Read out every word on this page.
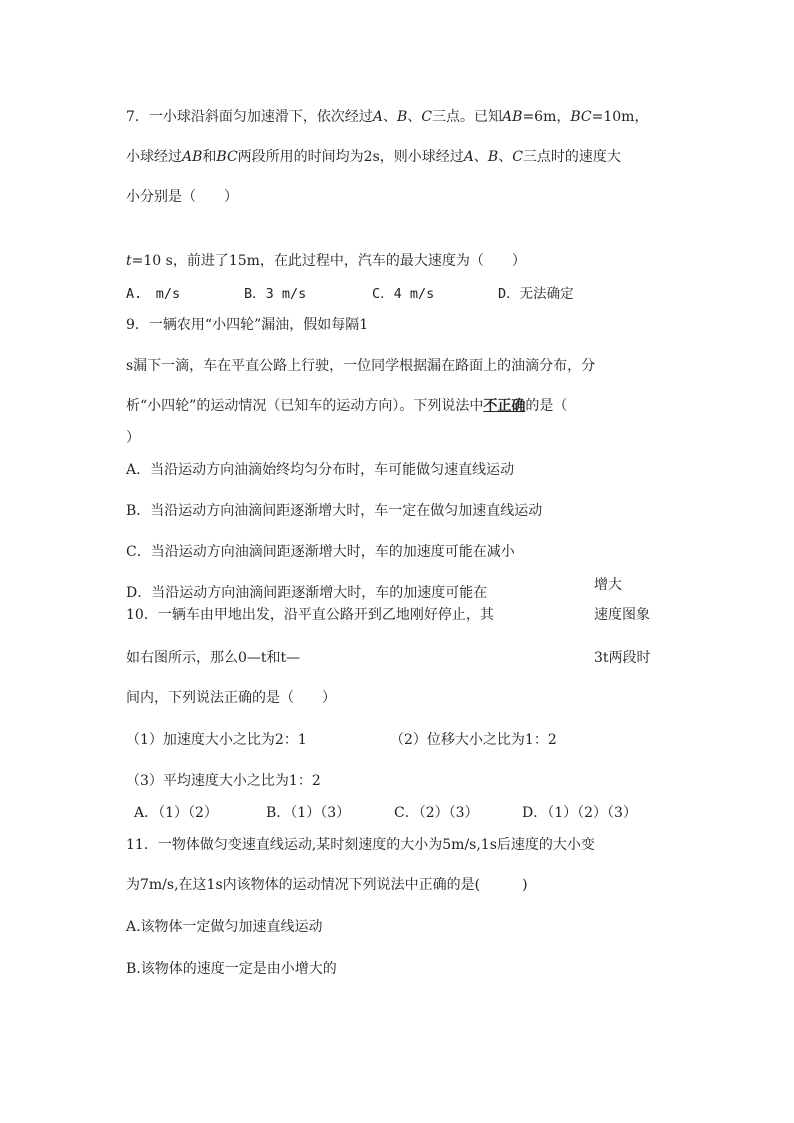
7．一小球沿斜面匀加速滑下，依次经过A、B、C三点。已知AB=6m，BC=10m，
小球经过AB和BC两段所用的时间均为2s，则小球经过A、B、C三点时的速度大
小分别是（　　）
t=10 s，前进了15m，在此过程中，汽车的最大速度为（　　）
A.　m/s	B．3 m/s	C．4 m/s	D．无法确定
9．一辆农用“小四轮”漏油，假如每隔1
s漏下一滴，车在平直公路上行驶，一位同学根据漏在路面上的油滴分布，分
析“小四轮”的运动情况（已知车的运动方向）。下列说法中不正确的是（
）
A．当沿运动方向油滴始终均匀分布时，车可能做匀速直线运动
B．当沿运动方向油滴间距逐渐增大时，车一定在做匀加速直线运动
C．当沿运动方向油滴间距逐渐增大时，车的加速度可能在减小
D．当沿运动方向油滴间距逐渐增大时，车的加速度可能在	增大
10．一辆车由甲地出发，沿平直公路开到乙地刚好停止，其	速度图象
如右图所示，那么0—t和t—	3t两段时
间内，下列说法正确的是（　　）
（1）加速度大小之比为2：1	（2）位移大小之比为1：2
（3）平均速度大小之比为1：2
A．（1）（2）	B．（1）（3）	C．（2）（3）	D．（1）（2）（3）
11．一物体做匀变速直线运动,某时刻速度的大小为5m/s,1s后速度的大小变
为7m/s,在这1s内该物体的运动情况下列说法中正确的是(　　　)
A.该物体一定做匀加速直线运动
B.该物体的速度一定是由小增大的
